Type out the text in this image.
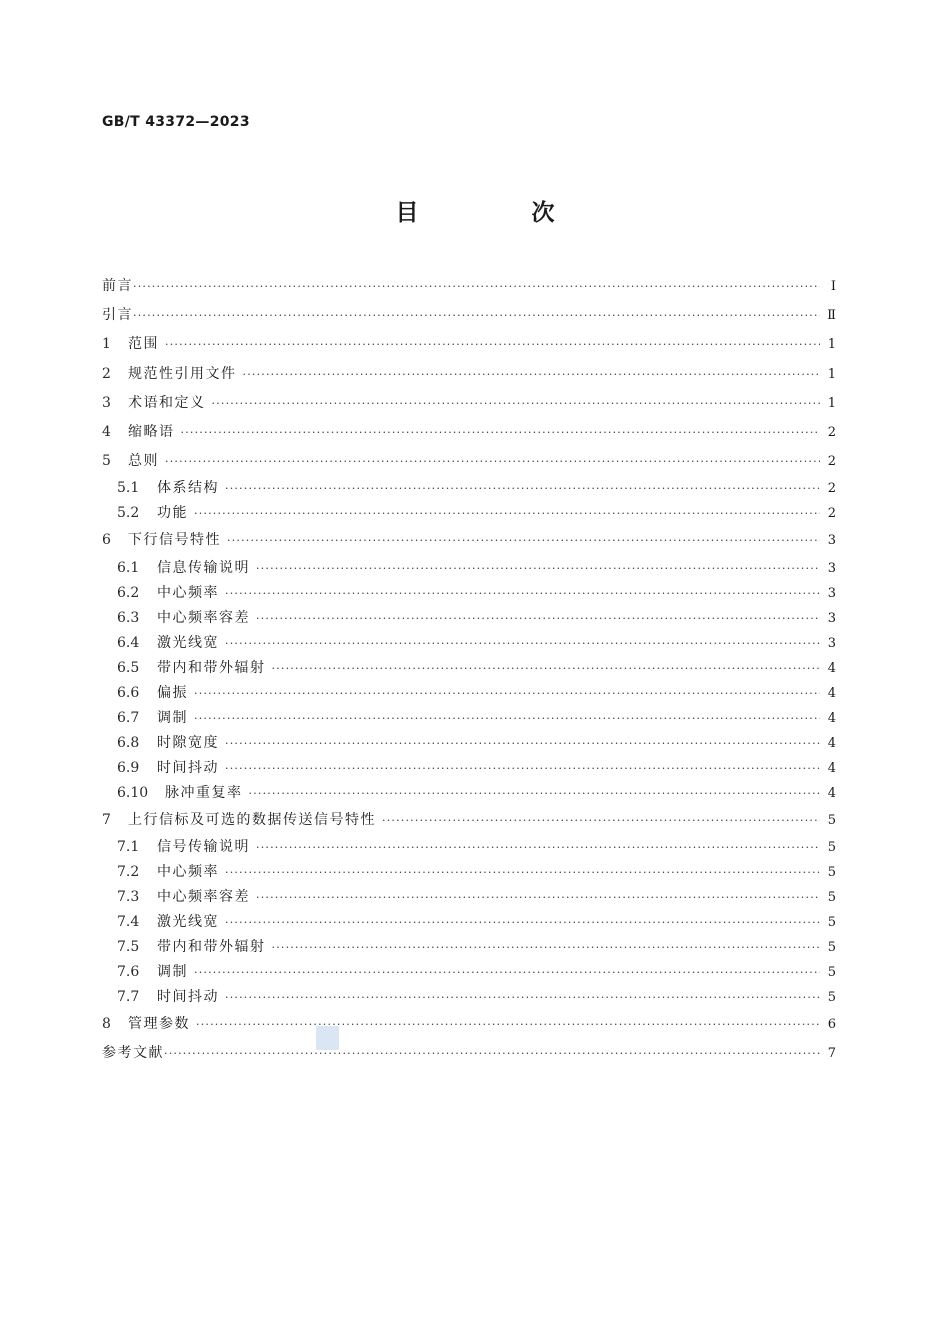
GB/T 43372—2023
目　次
前言 ·····	Ⅰ
引言 ·····	Ⅱ
1	范围 ·····	1
2	规范性引用文件 ·····	1
3	术语和定义 ·····	1
4	缩略语 ·····	2
5	总则 ·····	2
5.1	体系结构 ·····	2
5.2	功能 ·····	2
6	下行信号特性 ·····	3
6.1	信息传输说明 ·····	3
6.2	中心频率 ·····	3
6.3	中心频率容差 ·····	3
6.4	激光线宽 ·····	3
6.5	带内和带外辐射 ·····	4
6.6	偏振 ·····	4
6.7	调制 ·····	4
6.8	时隙宽度 ·····	4
6.9	时间抖动 ·····	4
6.10	脉冲重复率 ·····	4
7	上行信标及可选的数据传送信号特性 ·····	5
7.1	信号传输说明 ·····	5
7.2	中心频率 ·····	5
7.3	中心频率容差 ·····	5
7.4	激光线宽 ·····	5
7.5	带内和带外辐射 ·····	5
7.6	调制 ·····	5
7.7	时间抖动 ·····	5
8	管理参数 ·····	6
参考文献 ·····	7
